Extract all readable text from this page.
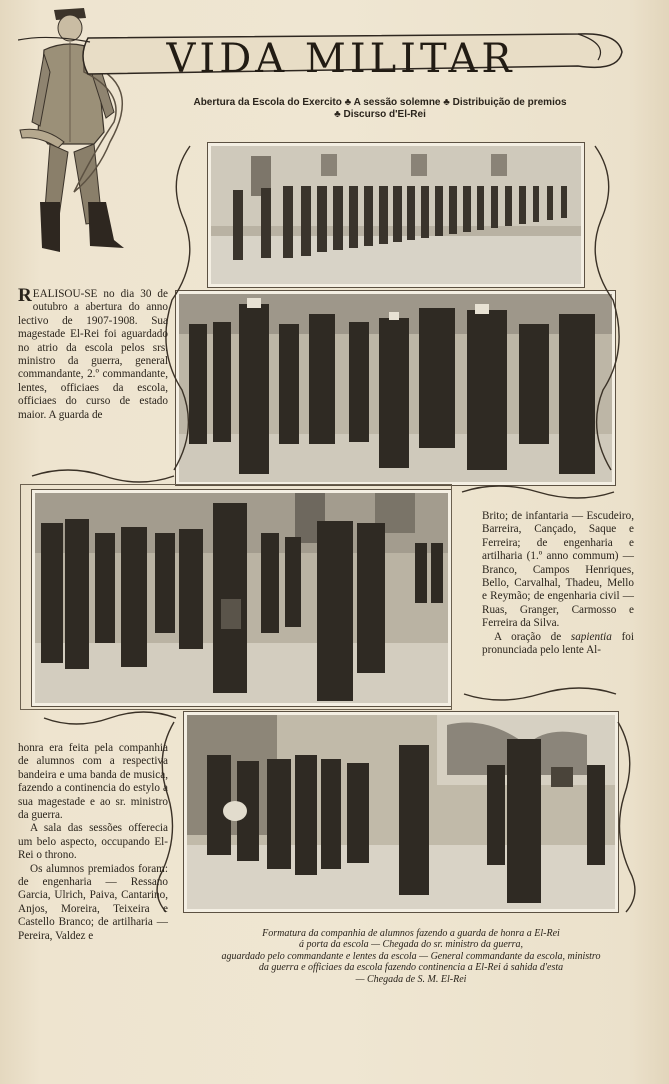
VIDA MILITAR
Abertura da Escola do Exercito ♣ A sessão solemne ♣ Distribuição de premios
♣ Discurso d'El-Rei
REALISOU-SE no dia 30 de outubro a abertura do anno lectivo de 1907-1908. Sua magestade El-Rei foi aguardado no atrio da escola pelos srs. ministro da guerra, general commandante, 2.º commandante, lentes, officiaes da escola, officiaes do curso de estado maior. A guarda de
Brito; de infantaria — Escudeiro, Barreira, Cançado, Saque e Ferreira; de engenharia e artilharia (1.º anno commum) — Branco, Campos Henriques, Bello, Carvalhal, Thadeu, Mello e Reymão; de engenharia civil — Ruas, Granger, Carmosso e Ferreira da Silva.
A oração de sapientia foi pronunciada pelo lente Al-
honra era feita pela companhia de alumnos com a respectiva bandeira e uma banda de musica, fazendo a continencia do estylo a sua magestade e ao sr. ministro da guerra.
A sala das sessões offerecia um belo aspecto, occupando El-Rei o throno.
Os alumnos premiados foram: de engenharia — Ressano Garcia, Ulrich, Paiva, Cantarino, Anjos, Moreira, Teixeira e Castello Branco; de artilharia — Pereira, Valdez e	Formatura da companhia de alumnos fazendo a guarda de honra a El-Rei
á porta da escola — Chegada do sr. ministro da guerra,
aguardado pelo commandante e lentes da escola — General commandante da escola, ministro
da guerra e officiaes da escola fazendo continencia a El-Rei á sahida d'esta
— Chegada de S. M. El-Rei
